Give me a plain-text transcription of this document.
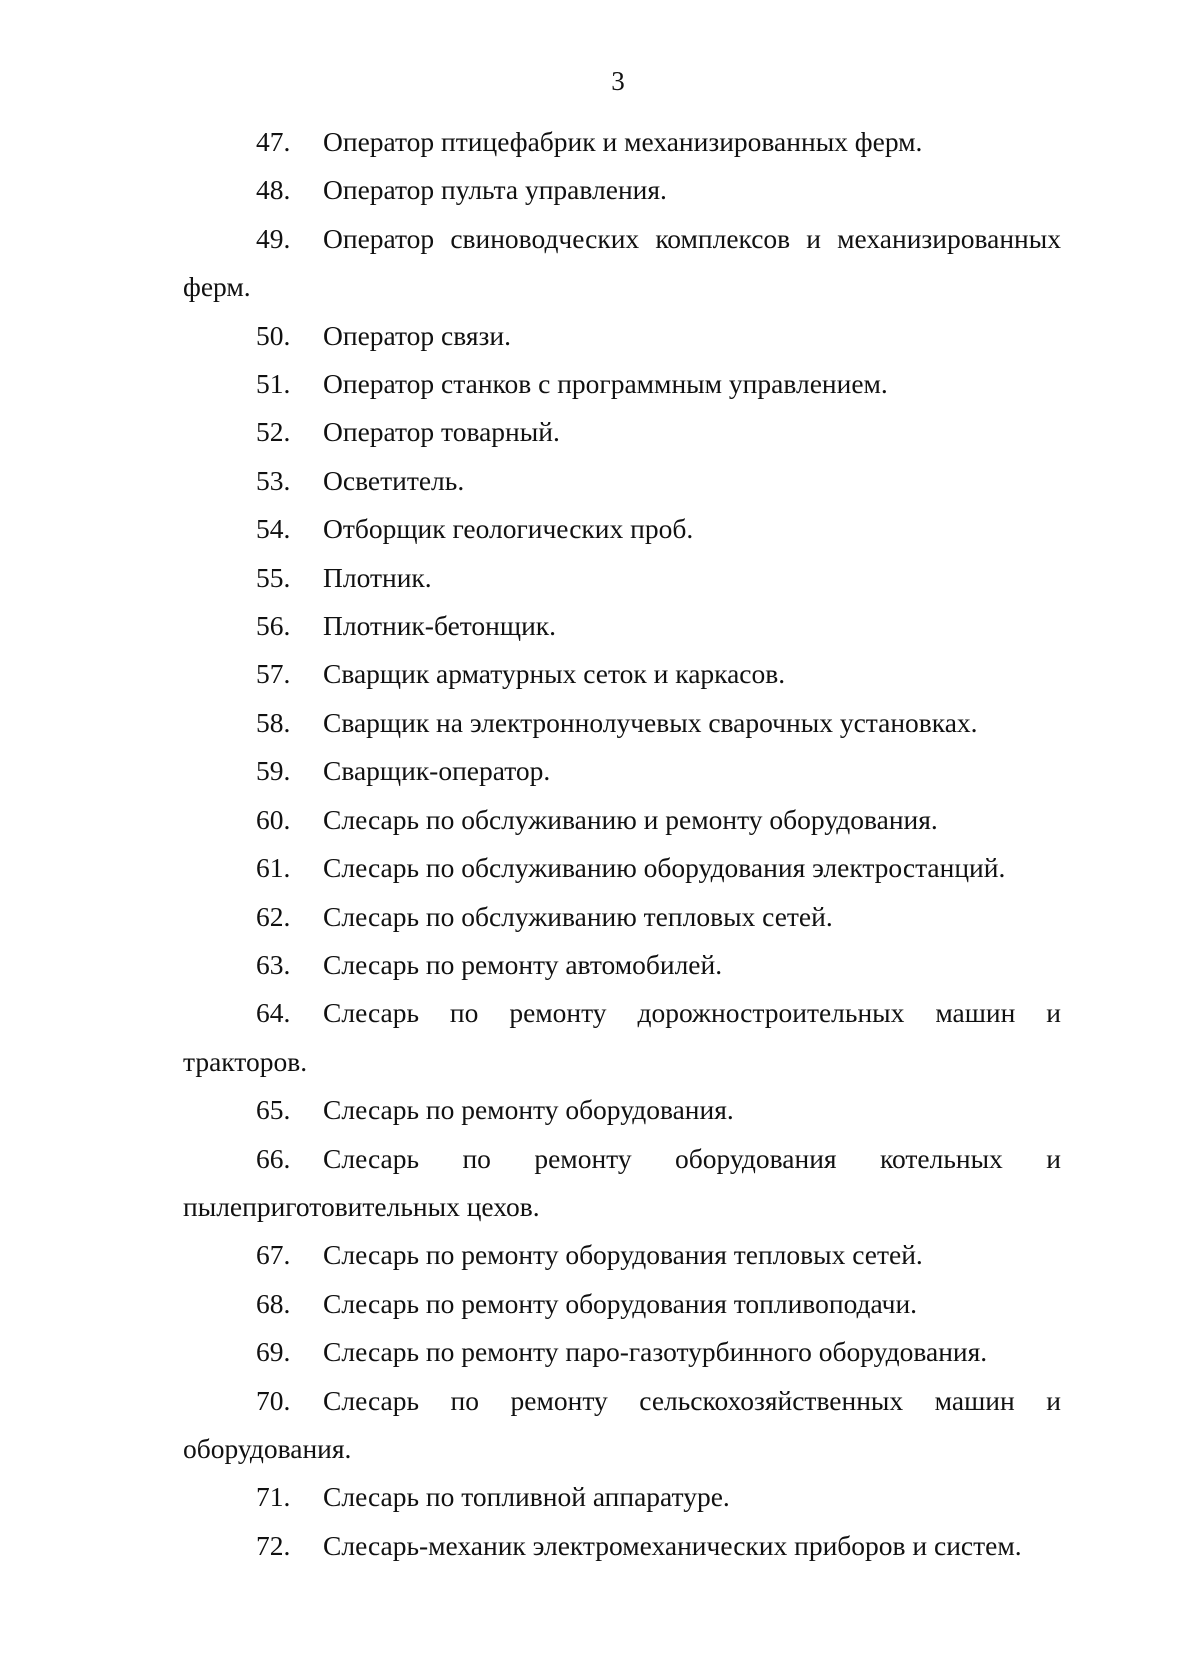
3
47. Оператор птицефабрик и механизированных ферм.
48. Оператор пульта управления.
49. Оператор свиноводческих комплексов и механизированных
ферм.
50. Оператор связи.
51. Оператор станков с программным управлением.
52. Оператор товарный.
53. Осветитель.
54. Отборщик геологических проб.
55. Плотник.
56. Плотник-бетонщик.
57. Сварщик арматурных сеток и каркасов.
58. Сварщик на электроннолучевых сварочных установках.
59. Сварщик-оператор.
60. Слесарь по обслуживанию и ремонту оборудования.
61. Слесарь по обслуживанию оборудования электростанций.
62. Слесарь по обслуживанию тепловых сетей.
63. Слесарь по ремонту автомобилей.
64. Слесарь по ремонту дорожностроительных машин и
тракторов.
65. Слесарь по ремонту оборудования.
66. Слесарь по ремонту оборудования котельных и
пылеприготовительных цехов.
67. Слесарь по ремонту оборудования тепловых сетей.
68. Слесарь по ремонту оборудования топливоподачи.
69. Слесарь по ремонту паро-газотурбинного оборудования.
70. Слесарь по ремонту сельскохозяйственных машин и
оборудования.
71. Слесарь по топливной аппаратуре.
72. Слесарь-механик электромеханических приборов и систем.
